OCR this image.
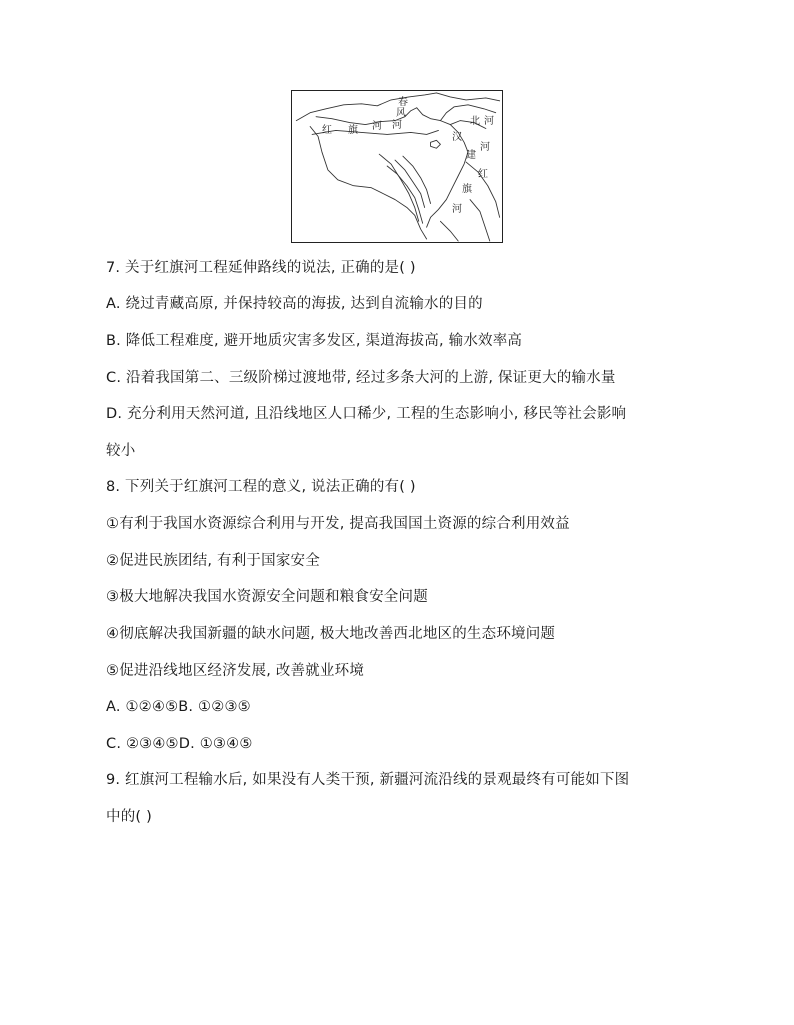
春
风
河
红 旗 河	北 河
汉
河
建
红
旗
河
7. 关于红旗河工程延伸路线的说法, 正确的是( )
A. 绕过青藏高原, 并保持较高的海拔, 达到自流输水的目的
B. 降低工程难度, 避开地质灾害多发区, 渠道海拔高, 输水效率高
C. 沿着我国第二、三级阶梯过渡地带, 经过多条大河的上游, 保证更大的输水量
D. 充分利用天然河道, 且沿线地区人口稀少, 工程的生态影响小, 移民等社会影响
较小
8. 下列关于红旗河工程的意义, 说法正确的有( )
①有利于我国水资源综合利用与开发, 提高我国国土资源的综合利用效益
②促进民族团结, 有利于国家安全
③极大地解决我国水资源安全问题和粮食安全问题
④彻底解决我国新疆的缺水问题, 极大地改善西北地区的生态环境问题
⑤促进沿线地区经济发展, 改善就业环境
A. ①②④⑤B. ①②③⑤
C. ②③④⑤D. ①③④⑤
9. 红旗河工程输水后, 如果没有人类干预, 新疆河流沿线的景观最终有可能如下图
中的( )
